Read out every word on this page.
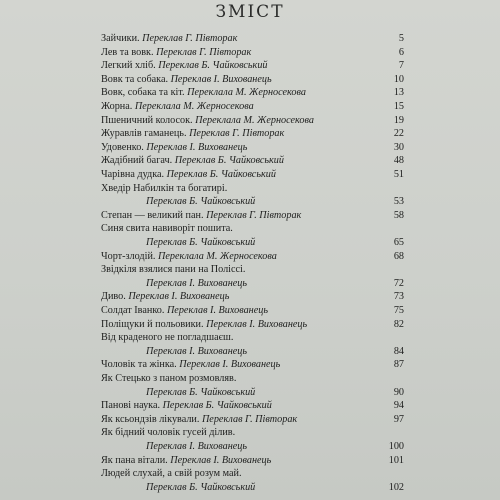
ЗМІСТ
Зайчики. Переклав Г. Півторак	5
Лев та вовк. Переклав Г. Півторак	6
Легкий хліб. Переклав Б. Чайковський	7
Вовк та собака. Переклав І. Вихованець	10
Вовк, собака та кіт. Переклала М. Жерносекова	13
Жорна. Переклала М. Жерносекова	15
Пшеничний колосок. Переклала М. Жерносекова	19
Журавлів гаманець. Переклав Г. Півторак	22
Удовенко. Переклав І. Вихованець	30
Жадібний багач. Переклав Б. Чайковський	48
Чарівна дудка. Переклав Б. Чайковський	51
Хведір Набилкін та богатирі.
Переклав Б. Чайковський	53
Степан — великий пан. Переклав Г. Півторак	58
Синя свита навиворіт пошита.
Переклав Б. Чайковський	65
Чорт-злодій. Переклала М. Жерносекова	68
Звідкіля взялися пани на Поліссі.
Переклав І. Вихованець	72
Диво. Переклав І. Вихованець	73
Солдат Іванко. Переклав І. Вихованець	75
Поліщуки й польовики. Переклав І. Вихованець	82
Від краденого не погладшаєш.
Переклав І. Вихованець	84
Чоловік та жінка. Переклав І. Вихованець	87
Як Стецько з паном розмовляв.
Переклав Б. Чайковський	90
Панові наука. Переклав Б. Чайковський	94
Як ксьондзів лікували. Переклав Г. Півторак	97
Як бідний чоловік гусей ділив.
Переклав І. Вихованець	100
Як пана вітали. Переклав І. Вихованець	101
Людей слухай, а свій розум май.
Переклав Б. Чайковський	102
